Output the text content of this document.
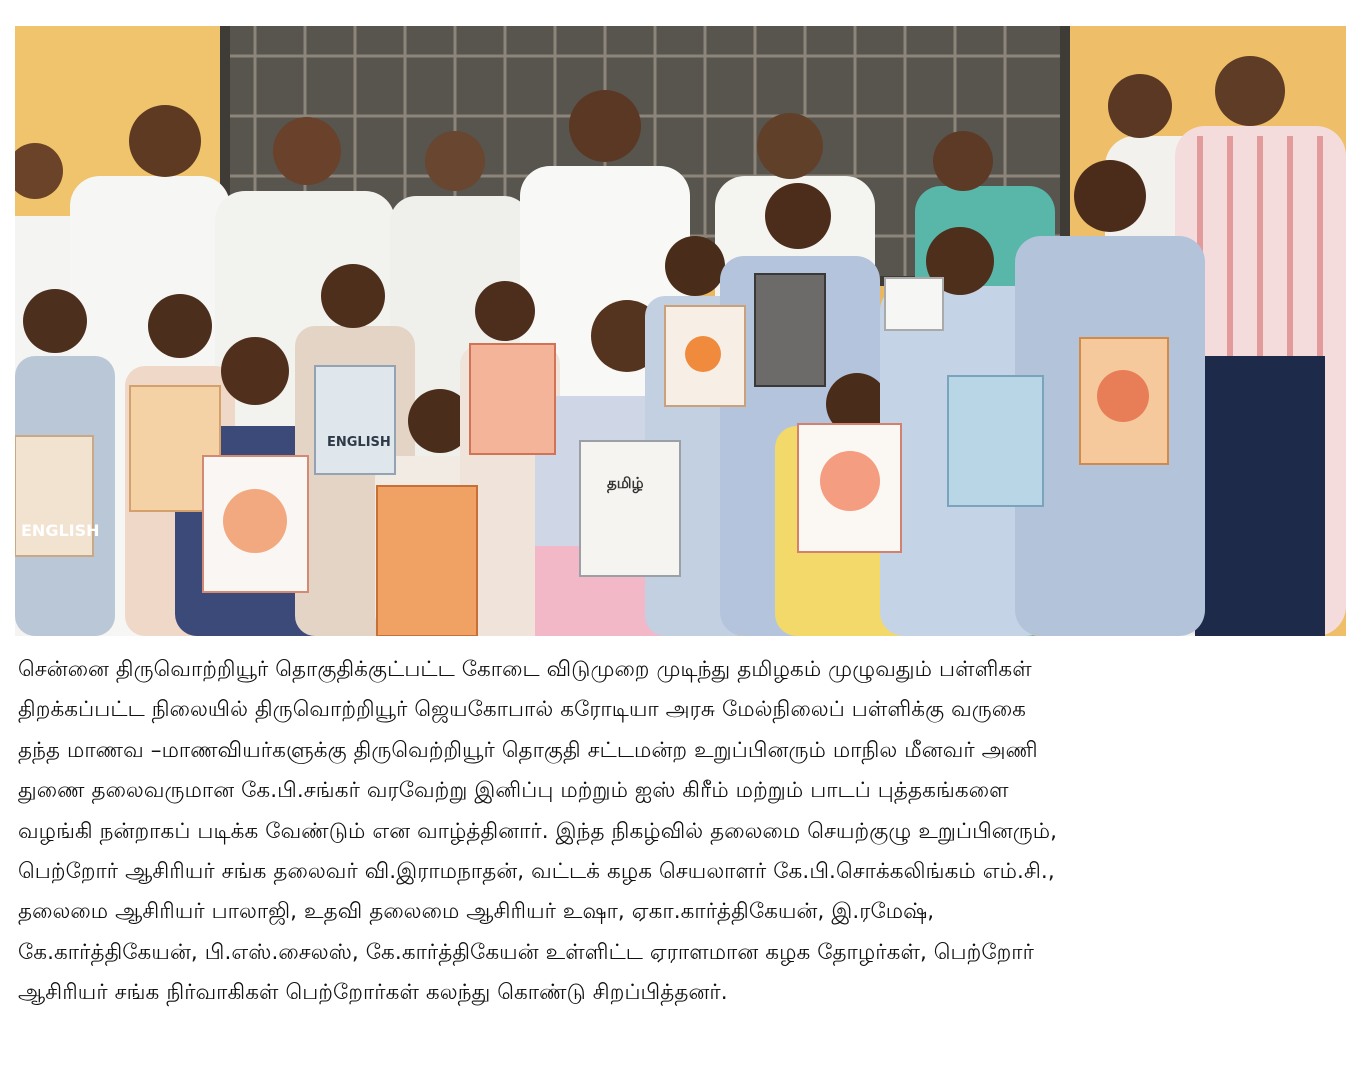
ENGLISH
ENGLISH
தமிழ்
சென்னை திருவொற்றியூர் தொகுதிக்குட்பட்ட கோடை விடுமுறை முடிந்து தமிழகம் முழுவதும் பள்ளிகள்
திறக்கப்பட்ட நிலையில் திருவொற்றியூர் ஜெயகோபால் கரோடியா அரசு மேல்நிலைப் பள்ளிக்கு வருகை
தந்த மாணவ –மாணவியர்களுக்கு திருவெற்றியூர் தொகுதி சட்டமன்ற உறுப்பினரும் மாநில மீனவர் அணி
துணை தலைவருமான கே.பி.சங்கர் வரவேற்று இனிப்பு மற்றும் ஐஸ் கிரீம் மற்றும் பாடப் புத்தகங்களை
வழங்கி நன்றாகப் படிக்க வேண்டும் என வாழ்த்தினார். இந்த நிகழ்வில் தலைமை செயற்குழு உறுப்பினரும்,
பெற்றோர் ஆசிரியர் சங்க தலைவர் வி.இராமநாதன், வட்டக் கழக செயலாளர் கே.பி.சொக்கலிங்கம் எம்.சி.,
தலைமை ஆசிரியர் பாலாஜி, உதவி தலைமை ஆசிரியர் உஷா, ஏகா.கார்த்திகேயன், இ.ரமேஷ்,
கே.கார்த்திகேயன், பி.எஸ்.சைலஸ், கே.கார்த்திகேயன் உள்ளிட்ட ஏராளமான கழக தோழர்கள், பெற்றோர்
ஆசிரியர் சங்க நிர்வாகிகள் பெற்றோர்கள் கலந்து கொண்டு சிறப்பித்தனர்.
